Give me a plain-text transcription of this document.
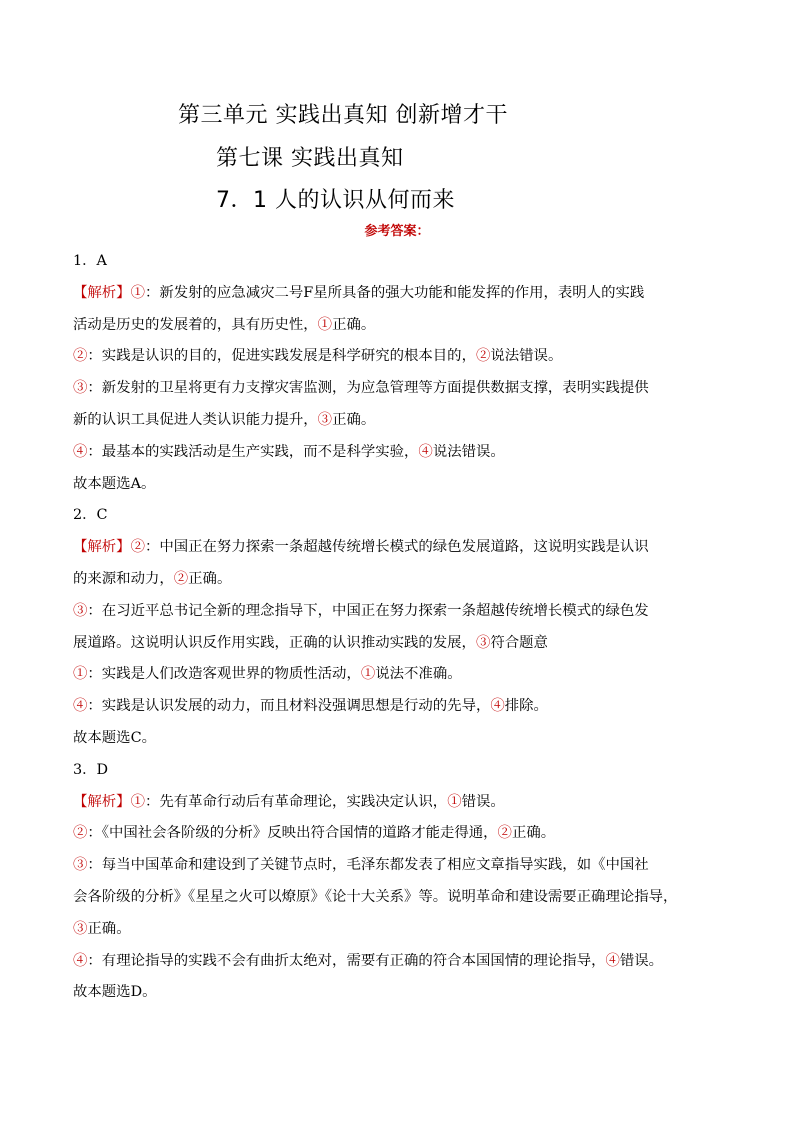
第三单元 实践出真知 创新增才干
第七课 实践出真知
7．1 人的认识从何而来
参考答案：
1．A
【解析】①：新发射的应急减灾二号F星所具备的强大功能和能发挥的作用，表明人的实践
活动是历史的发展着的，具有历史性，①正确。
②：实践是认识的目的，促进实践发展是科学研究的根本目的，②说法错误。
③：新发射的卫星将更有力支撑灾害监测，为应急管理等方面提供数据支撑，表明实践提供
新的认识工具促进人类认识能力提升，③正确。
④：最基本的实践活动是生产实践，而不是科学实验，④说法错误。
故本题选A。
2．C
【解析】②：中国正在努力探索一条超越传统增长模式的绿色发展道路，这说明实践是认识
的来源和动力，②正确。
③：在习近平总书记全新的理念指导下，中国正在努力探索一条超越传统增长模式的绿色发
展道路。这说明认识反作用实践，正确的认识推动实践的发展，③符合题意
①：实践是人们改造客观世界的物质性活动，①说法不准确。
④：实践是认识发展的动力，而且材料没强调思想是行动的先导，④排除。
故本题选C。
3．D
【解析】①：先有革命行动后有革命理论，实践决定认识，①错误。
②：《中国社会各阶级的分析》反映出符合国情的道路才能走得通，②正确。
③：每当中国革命和建设到了关键节点时，毛泽东都发表了相应文章指导实践，如《中国社
会各阶级的分析》《星星之火可以燎原》《论十大关系》等。说明革命和建设需要正确理论指导，
③正确。
④：有理论指导的实践不会有曲折太绝对，需要有正确的符合本国国情的理论指导，④错误。
故本题选D。
